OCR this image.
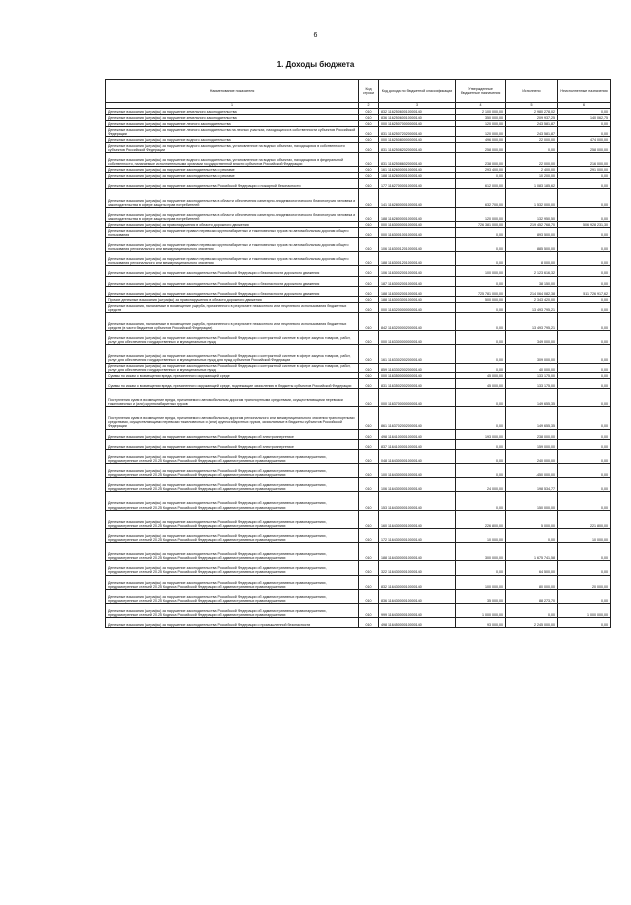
6
1. Доходы бюджета
Наименование показателя	Код строки	Код дохода по бюджетной классификации	Утвержденные бюджетные назначения	Исполнено	Неисполненные назначения
1	2	3	4	5	6
Денежные взыскания (штрафы) за нарушение земельного законодательства	010	832 11625060010000140	2 100 000,00	2 980 278,02	0,00
Денежные взыскания (штрафы) за нарушение земельного законодательства	010	836 11625060010000140	350 000,00	209 937,25	140 062,75
Денежные взыскания (штрафы) за нарушение лесного законодательства	010	000 11625070000000140	120 000,00	243 581,87	0,00
Денежные взыскания (штрафы) за нарушение лесного законодательства на лесных участках, находящихся в собственности субъектов Российской Федерации	010	831 11625072020000140	120 000,00	243 581,87	0,00
Денежные взыскания (штрафы) за нарушение водного законодательства	010	000 11625080000000140	496 000,00	22 000,00	474 000,00
Денежные взыскания (штрафы) за нарушение водного законодательства, установленное на водных объектах, находящихся в собственности субъектов Российской Федерации	010	831 11625082020000140	258 000,00	0,00	258 000,00
Денежные взыскания (штрафы) за нарушение водного законодательства, установленное на водных объектах, находящихся в федеральной собственности, налагаемые исполнительными органами государственной власти субъектов Российской Федерации	010	831 11625086020000140	238 000,00	22 000,00	216 000,00
Денежные взыскания (штрафы) за нарушение законодательства о рекламе	010	161 11626000010000140	293 400,00	2 400,00	291 000,00
Денежные взыскания (штрафы) за нарушение законодательства о рекламе	010	188 11626000010000140	0,00	10 200,00	0,00
Денежные взыскания (штрафы) за нарушение законодательства Российской Федерации о пожарной безопасности	010	177 11627000010000140	612 000,00	1 083 185,62	0,00
Денежные взыскания (штрафы) за нарушение законодательства в области обеспечения санитарно-эпидемиологического благополучия человека и законодательства в сфере защиты прав потребителей	010	141 11628000010000140	632 700,00	1 532 000,00	0,00
Денежные взыскания (штрафы) за нарушение законодательства в области обеспечения санитарно-эпидемиологического благополучия человека и законодательства в сфере защиты прав потребителей	010	188 11628000010000140	120 000,00	132 950,50	0,00
Денежные взыскания (штрафы) за правонарушения в области дорожного движения	010	000 11630000010000140	726 381 000,00	219 452 768,70	506 928 231,30
Денежные взыскания (штрафы) за нарушение правил перевозки крупногабаритных и тяжеловесных грузов по автомобильным дорогам общего пользования	010	000 11630010010000140	0,00	893 500,00	0,00
Денежные взыскания (штрафы) за нарушение правил перевозки крупногабаритных и тяжеловесных грузов по автомобильным дорогам общего пользования регионального или межмуниципального значения	010	106 11630012010000140	0,00	885 500,00	0,00
Денежные взыскания (штрафы) за нарушение правил перевозки крупногабаритных и тяжеловесных грузов по автомобильным дорогам общего пользования регионального или межмуниципального значения	010	188 11630012010000140	0,00	8 000,00	0,00
Денежные взыскания (штрафы) за нарушение законодательства Российской Федерации о безопасности дорожного движения	010	106 11630020010000140	100 000,00	2 123 616,32	0,00
Денежные взыскания (штрафы) за нарушение законодательства Российской Федерации о безопасности дорожного движения	010	187 11630020010000140	0,00	38 150,00	0,00
Денежные взыскания (штрафы) за нарушение законодательства Российской Федерации о безопасности дорожного движения	010	188 11630020010000140	725 781 000,00	214 064 082,38	511 726 917,62
Прочие денежные взыскания (штрафы) за правонарушения в области дорожного движения	010	188 11630030010000140	500 000,00	2 343 420,00	0,00
Денежные взыскания, налагаемые в возмещение ущерба, причиненного в результате незаконного или нецелевого использования бюджетных средств	010	000 11632000000000140	0,00	13 493 795,21	0,00
Денежные взыскания, налагаемые в возмещение ущерба, причиненного в результате незаконного или нецелевого использования бюджетных средств (в части бюджетов субъектов Российской Федерации)	010	842 11632000020000140	0,00	13 493 795,21	0,00
Денежные взыскания (штрафы) за нарушение законодательства Российской Федерации о контрактной системе в сфере закупок товаров, работ, услуг для обеспечения государственных и муниципальных нужд	010	000 11633000000000140	0,00	349 000,00	0,00
Денежные взыскания (штрафы) за нарушение законодательства Российской Федерации о контрактной системе в сфере закупок товаров, работ, услуг для обеспечения государственных и муниципальных нужд для нужд субъектов Российской Федерации	010	161 11633020020000140	0,00	309 000,00	0,00
Денежные взыскания (штрафы) за нарушение законодательства Российской Федерации о контрактной системе в сфере закупок товаров, работ, услуг для обеспечения государственных и муниципальных нужд	010	859 11633020020000140	0,00	40 000,00	0,00
Суммы по искам о возмещении вреда, причиненного окружающей среде	010	000 11635000000000140	45 000,00	133 175,00	0,00
Суммы по искам о возмещении вреда, причиненного окружающей среде, подлежащие зачислению в бюджеты субъектов Российской Федерации	010	831 11635020020000140	45 000,00	133 175,00	0,00
Поступления сумм в возмещение вреда, причиняемого автомобильным дорогам транспортными средствами, осуществляющими перевозки тяжеловесных и (или) крупногабаритных грузов	010	000 11637000000000140	0,00	149 655,35	0,00
Поступления сумм в возмещение вреда, причиняемого автомобильным дорогам регионального или межмуниципального значения транспортными средствами, осуществляющими перевозки тяжеловесных и (или) крупногабаритных грузов, зачисляемые в бюджеты субъектов Российской Федерации	010	861 11637020020000140	0,00	149 655,35	0,00
Денежные взыскания (штрафы) за нарушение законодательства Российской Федерации об электроэнергетике	010	498 11641000010000140	193 000,00	238 000,00	0,00
Денежные взыскания (штрафы) за нарушение законодательства Российской Федерации об электроэнергетике	010	837 11641000010000140	0,00	159 000,00	0,00
Денежные взыскания (штрафы) за нарушение законодательства Российской Федерации об административных правонарушениях, предусмотренные статьей 20.25 Кодекса Российской Федерации об административных правонарушениях	010	048 11643000010000140	0,00	240 000,00	0,00
Денежные взыскания (штрафы) за нарушение законодательства Российской Федерации об административных правонарушениях, предусмотренные статьей 20.25 Кодекса Российской Федерации об административных правонарушениях	010	100 11643000010000140	0,00	-450 000,00	0,00
Денежные взыскания (штрафы) за нарушение законодательства Российской Федерации об административных правонарушениях, предусмотренные статьей 20.25 Кодекса Российской Федерации об административных правонарушениях	010	106 11643000010000140	24 000,00	198 534,77	0,00
Денежные взыскания (штрафы) за нарушение законодательства Российской Федерации об административных правонарушениях, предусмотренные статьей 20.25 Кодекса Российской Федерации об административных правонарушениях	010	153 11643000010000140	0,00	150 000,00	0,00
Денежные взыскания (штрафы) за нарушение законодательства Российской Федерации об административных правонарушениях, предусмотренные статьей 20.25 Кодекса Российской Федерации об административных правонарушениях	010	160 11643000010000140	226 800,00	5 000,00	221 800,00
Денежные взыскания (штрафы) за нарушение законодательства Российской Федерации об административных правонарушениях, предусмотренные статьей 20.25 Кодекса Российской Федерации об административных правонарушениях	010	172 11643000010000140	10 000,00	0,00	10 000,00
Денежные взыскания (штрафы) за нарушение законодательства Российской Федерации об административных правонарушениях, предусмотренные статьей 20.25 Кодекса Российской Федерации об административных правонарушениях	010	188 11643000010000140	300 000,00	1 675 741,58	0,00
Денежные взыскания (штрафы) за нарушение законодательства Российской Федерации об административных правонарушениях, предусмотренные статьей 20.25 Кодекса Российской Федерации об административных правонарушениях	010	322 11643000010000140	0,00	64 500,00	0,00
Денежные взыскания (штрафы) за нарушение законодательства Российской Федерации об административных правонарушениях, предусмотренные статьей 20.25 Кодекса Российской Федерации об административных правонарушениях	010	832 11643000010000140	100 000,00	80 000,00	20 000,00
Денежные взыскания (штрафы) за нарушение законодательства Российской Федерации об административных правонарушениях, предусмотренные статьей 20.25 Кодекса Российской Федерации об административных правонарушениях	010	836 11643000010000140	35 000,00	88 273,70	0,00
Денежные взыскания (штрафы) за нарушение законодательства Российской Федерации об административных правонарушениях, предусмотренные статьей 20.25 Кодекса Российской Федерации об административных правонарушениях	010	999 11643000010000140	1 000 000,00	0,00	1 000 000,00
Денежные взыскания (штрафы) за нарушение законодательства Российской Федерации о промышленной безопасности	010	498 11645000010000140	93 000,00	2 245 000,00	0,00
